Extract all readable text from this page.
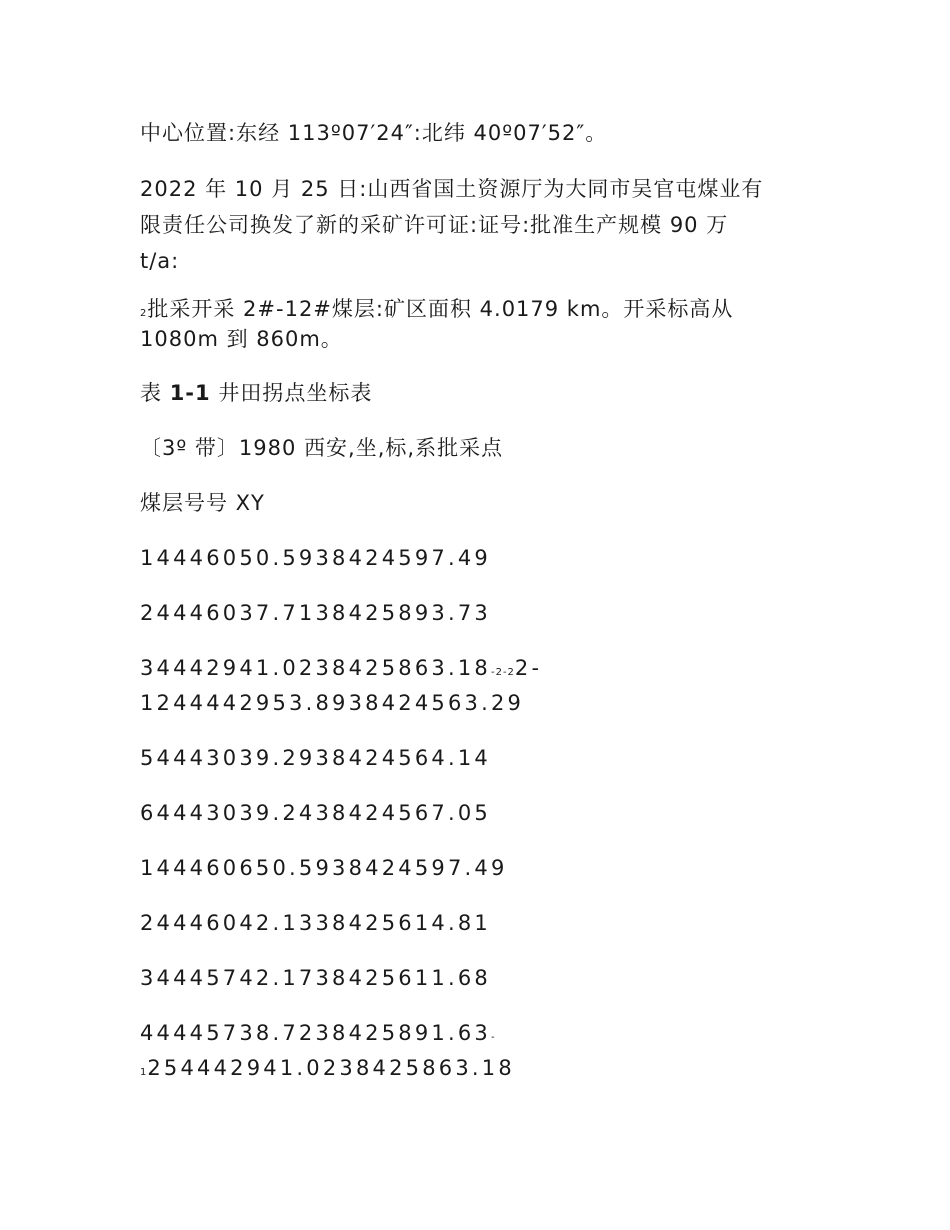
中心位置:东经 113º07′24″:北纬 40º07′52″。

2022 年 10 月 25 日:山西省国土资源厅为大同市吴官屯煤业有

限责任公司换发了新的采矿许可证:证号:批准生产规模 90 万

t/a:

2批采开采 2#-12#煤层:矿区面积 4.0179 km。开采标高从

1080m 到 860m。

表 1-1 井田拐点坐标表

〔3º 带〕1980 西安,坐,标,系批采点

煤层号号 XY

14446050.5938424597.49

24446037.7138425893.73

34442941.0238425863.18-2-22-

1244442953.8938424563.29

54443039.2938424564.14

64443039.2438424567.05

144460650.5938424597.49

24446042.1338425614.81

34445742.1738425611.68

44445738.7238425891.63-

1254442941.0238425863.18
